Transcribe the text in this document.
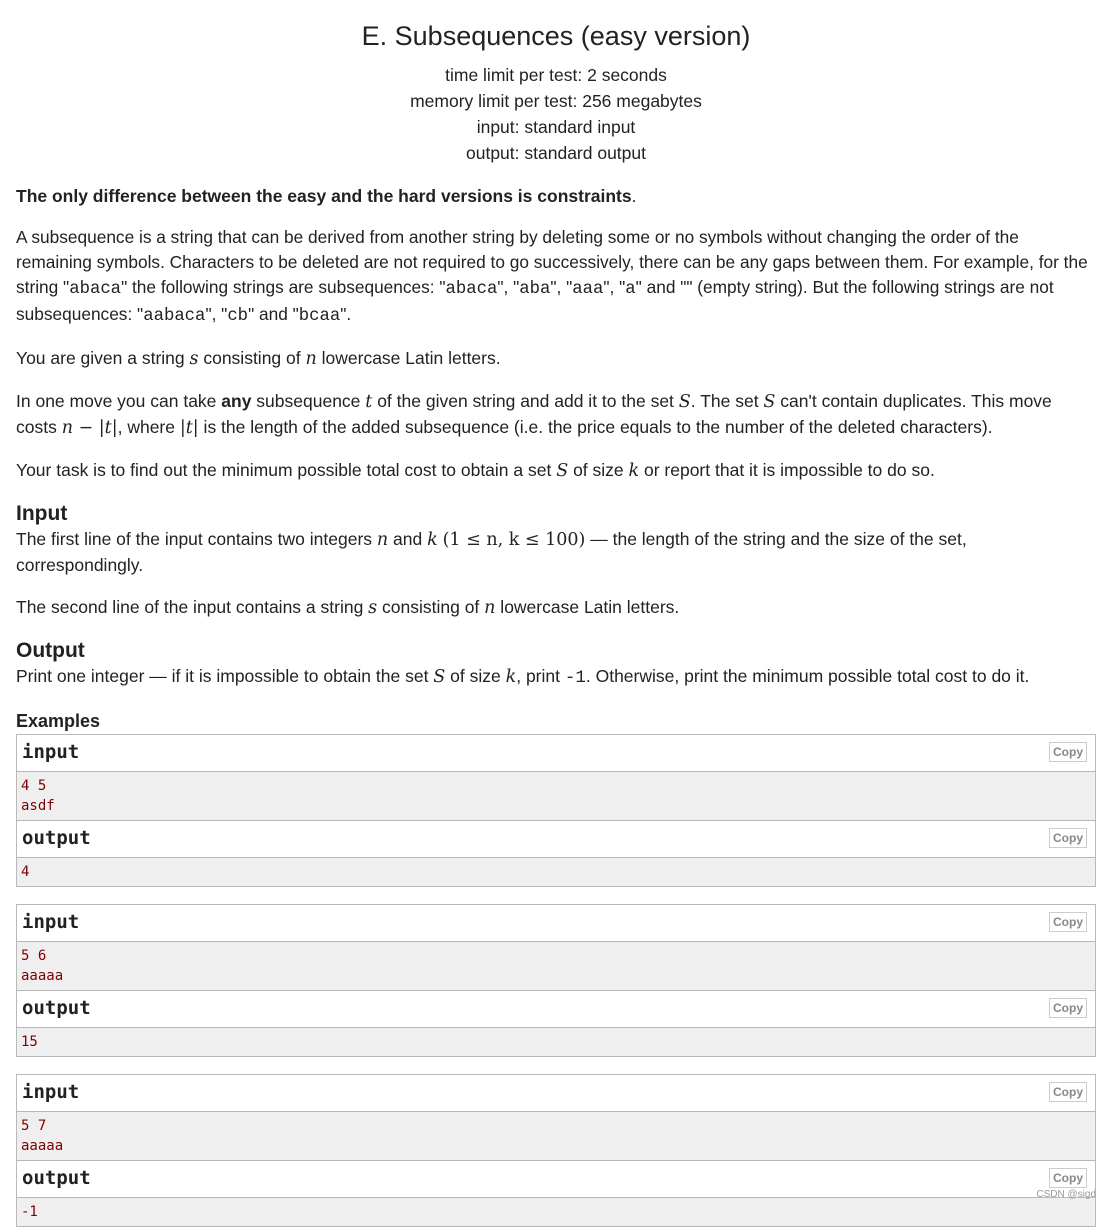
E. Subsequences (easy version)
time limit per test: 2 seconds
memory limit per test: 256 megabytes
input: standard input
output: standard output

The only difference between the easy and the hard versions is constraints.

A subsequence is a string that can be derived from another string by deleting some or no symbols without changing the order of the remaining symbols. Characters to be deleted are not required to go successively, there can be any gaps between them. For example, for the string "abaca" the following strings are subsequences: "abaca", "aba", "aaa", "a" and "" (empty string). But the following strings are not subsequences: "aabaca", "cb" and "bcaa".

You are given a string s consisting of n lowercase Latin letters.

In one move you can take any subsequence t of the given string and add it to the set S. The set S can't contain duplicates. This move costs n − |t|, where |t| is the length of the added subsequence (i.e. the price equals to the number of the deleted characters).

Your task is to find out the minimum possible total cost to obtain a set S of size k or report that it is impossible to do so.

Input

The first line of the input contains two integers n and k (1 ≤ n, k ≤ 100) — the length of the string and the size of the set, correspondingly.

The second line of the input contains a string s consisting of n lowercase Latin letters.

Output

Print one integer — if it is impossible to obtain the set S of size k, print -1. Otherwise, print the minimum possible total cost to do it.

Examples
input	Copy
4 5
asdf
output	Copy
4
input	Copy
5 6
aaaaa
output	Copy
15
input	Copy
5 7
aaaaa
output	Copy
-1
CSDN @sigd
